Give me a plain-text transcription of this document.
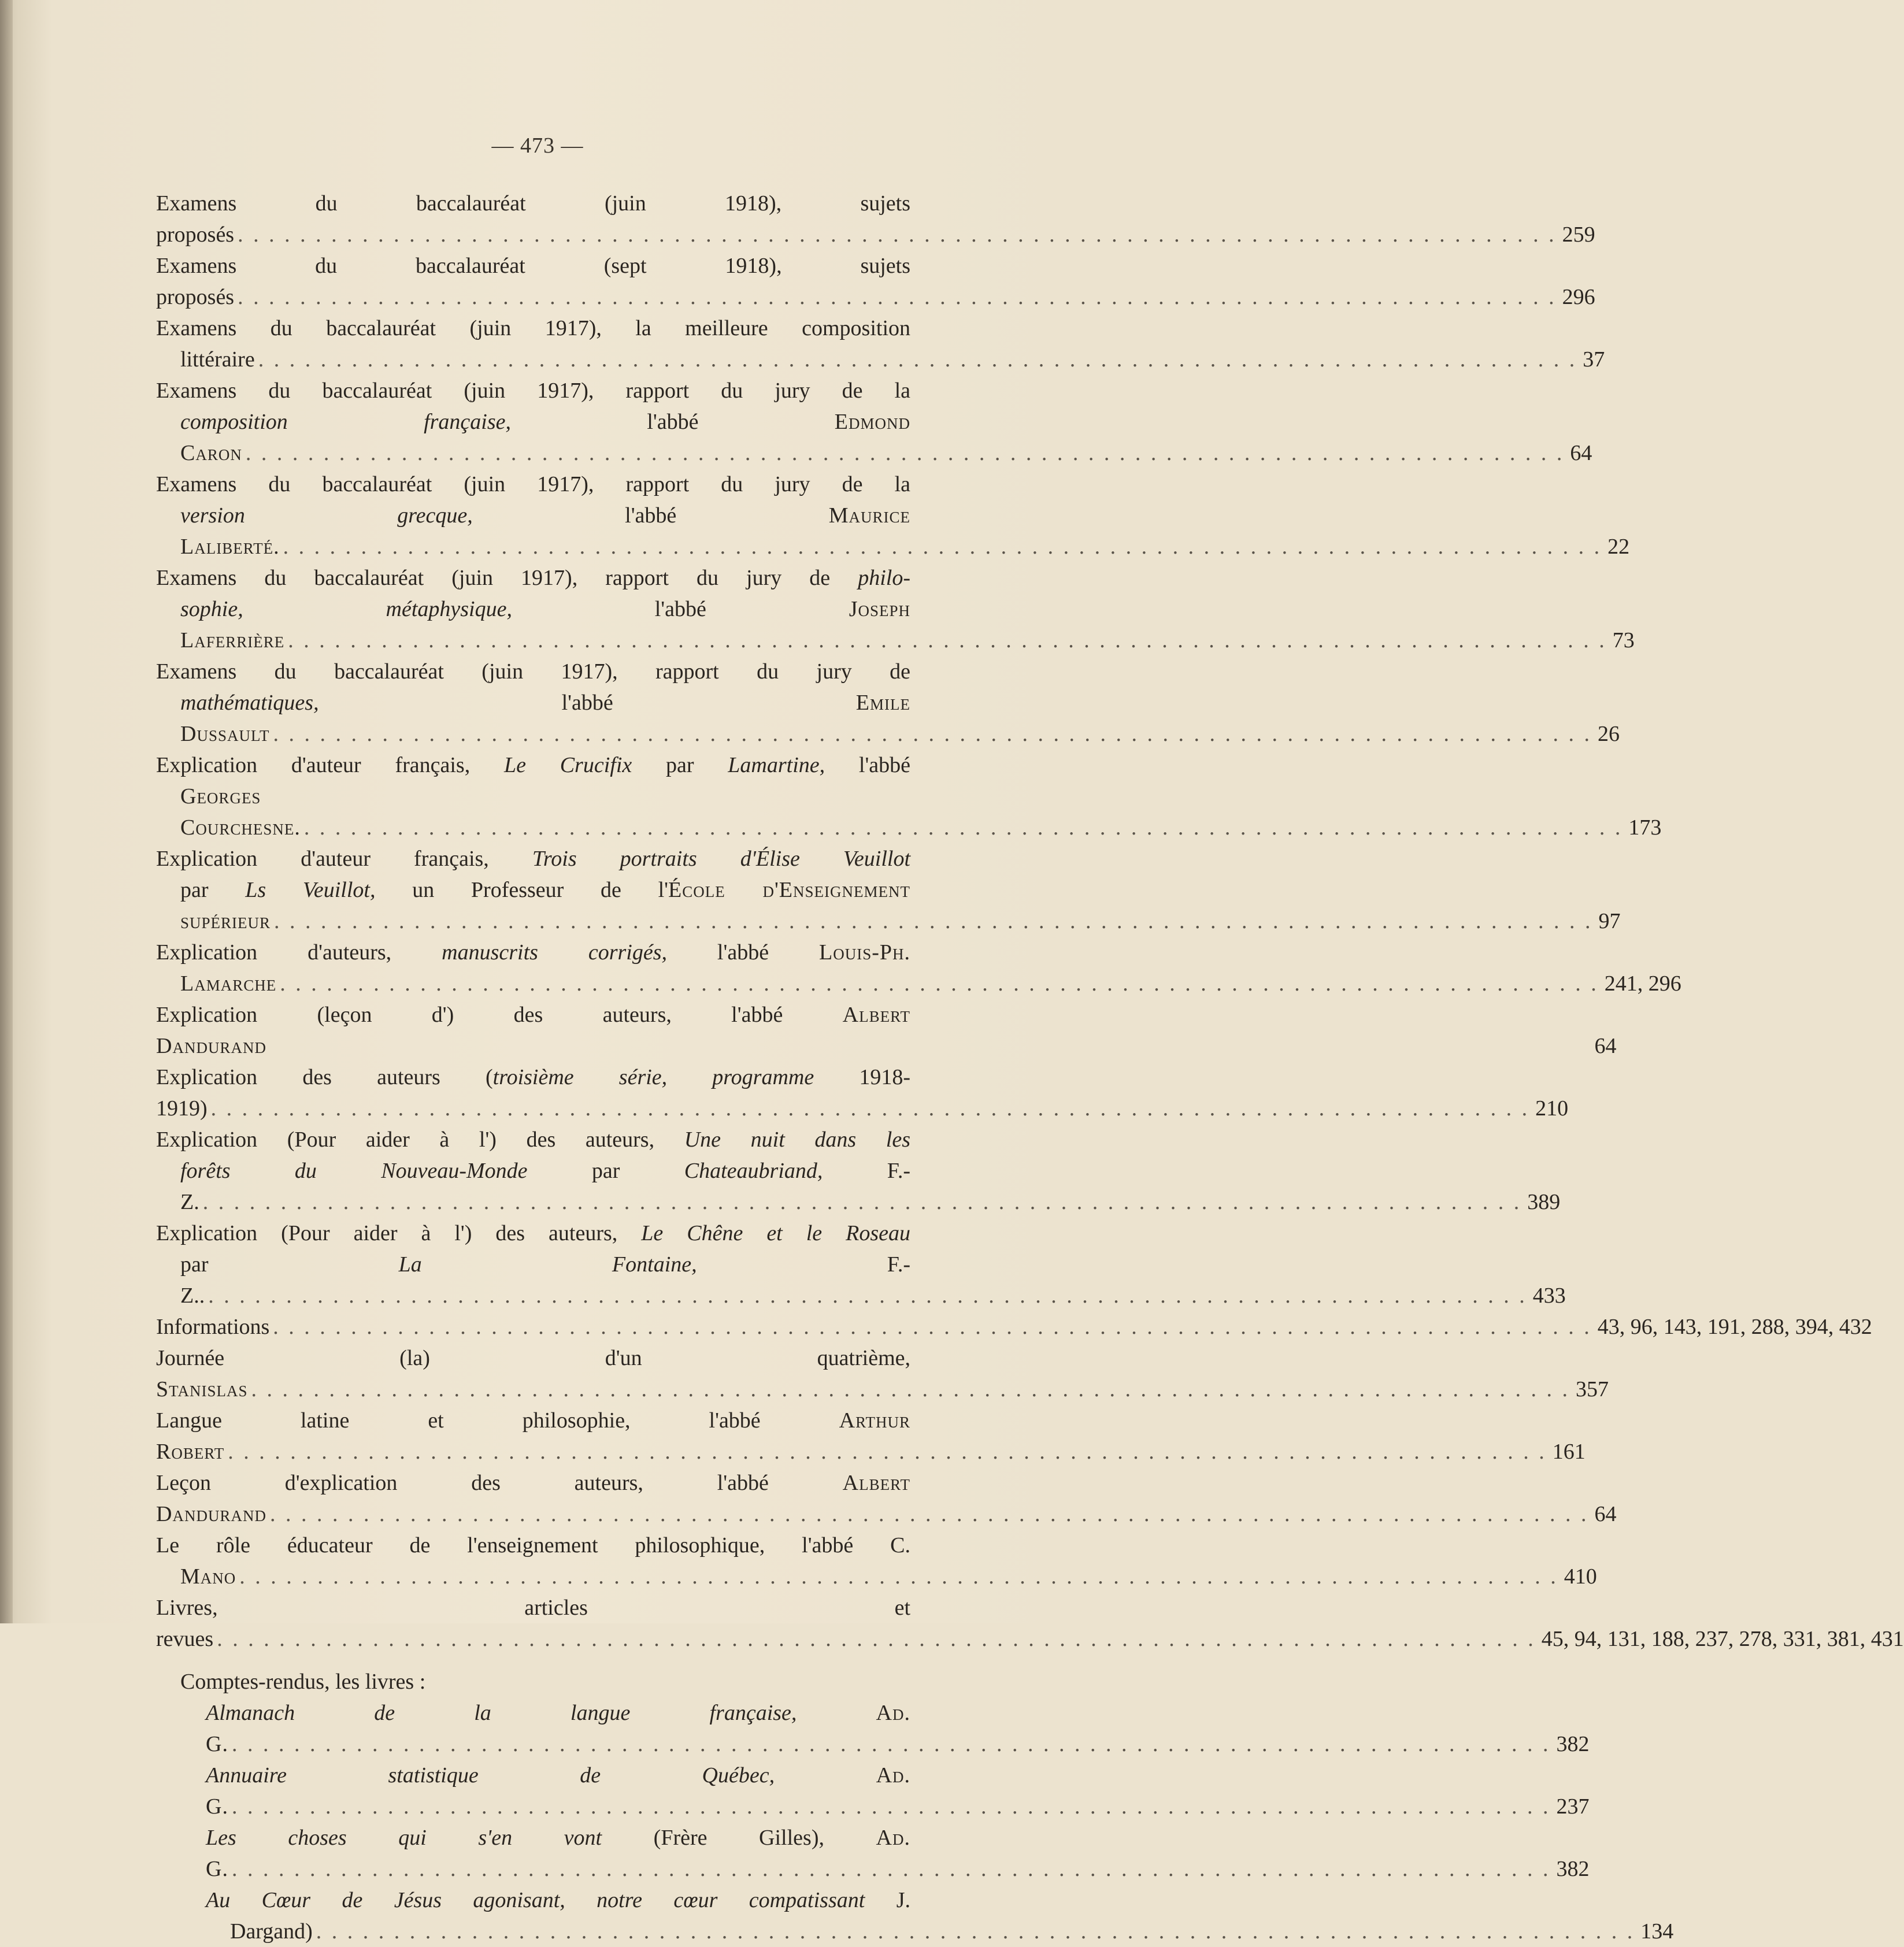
— 473 —
Examens du baccalauréat (juin 1918), sujets proposés . . .	259
Examens du baccalauréat (sept 1918), sujets proposés . . .	296
Examens du baccalauréat (juin 1917), la meilleure composition
littéraire . . .	37
Examens du baccalauréat (juin 1917), rapport du jury de la
composition française, l'abbé Edmond Caron . . .	64
Examens du baccalauréat (juin 1917), rapport du jury de la
version grecque, l'abbé Maurice Laliberté. . . .	22
Examens du baccalauréat (juin 1917), rapport du jury de philo-
sophie, métaphysique, l'abbé Joseph Laferrière . . .	73
Examens du baccalauréat (juin 1917), rapport du jury de
mathématiques, l'abbé Emile Dussault . . .	26
Explication d'auteur français, Le Crucifix par Lamartine, l'abbé
Georges Courchesne. . . .	173
Explication d'auteur français, Trois portraits d'Élise Veuillot
par Ls Veuillot, un Professeur de l'École d'Enseignement
supérieur . . .	97
Explication d'auteurs, manuscrits corrigés, l'abbé Louis-Ph.
Lamarche . . .	241, 296
Explication (leçon d') des auteurs, l'abbé Albert Dandurand	64
Explication des auteurs (troisième série, programme 1918-1919) . . .	210
Explication (Pour aider à l') des auteurs, Une nuit dans les
forêts du Nouveau-Monde par Chateaubriand, F.-Z. . . .	389
Explication (Pour aider à l') des auteurs, Le Chêne et le Roseau
par La Fontaine, F.-Z.. . . .	433
Informations . . .	43, 96, 143, 191, 288, 394, 432
Journée (la) d'un quatrième, Stanislas . . .	357
Langue latine et philosophie, l'abbé Arthur Robert . . .	161
Leçon d'explication des auteurs, l'abbé Albert Dandurand . . .	64
Le rôle éducateur de l'enseignement philosophique, l'abbé C.
Mano . . .	410
Livres, articles et revues . . .	45, 94, 131, 188, 237, 278, 331, 381, 431
Comptes-rendus, les livres :
Almanach de la langue française,	Ad. G. . . .	382
Annuaire statistique de Québec,	Ad. G. . . .	237
Les choses qui s'en vont (Frère Gilles), Ad. G. . . .	382
Au Cœur de Jésus agonisant, notre cœur compatissant J.
Dargand) . . .	134
